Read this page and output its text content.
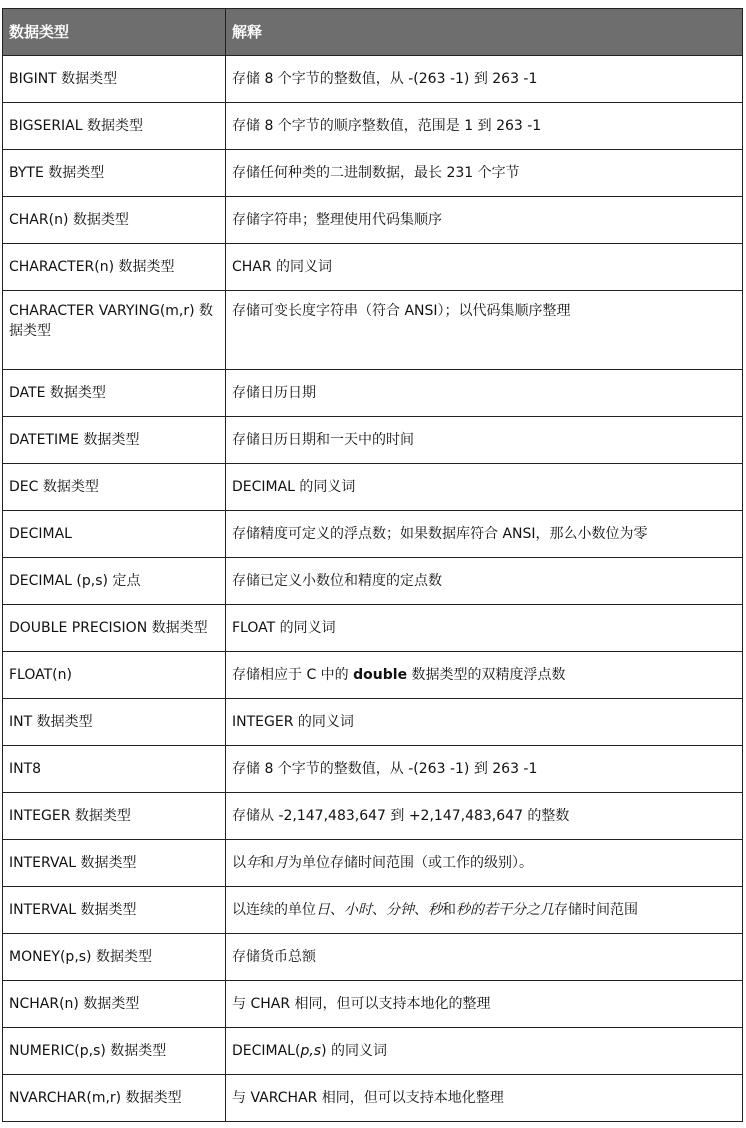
数据类型	解释
BIGINT 数据类型	存储 8 个字节的整数值，从 -(263 -1) 到 263 -1
BIGSERIAL 数据类型	存储 8 个字节的顺序整数值，范围是 1 到 263 -1
BYTE 数据类型	存储任何种类的二进制数据，最长 231 个字节
CHAR(n) 数据类型	存储字符串；整理使用代码集顺序
CHARACTER(n) 数据类型	CHAR 的同义词
CHARACTER VARYING(m,r) 数据类型	存储可变长度字符串（符合 ANSI）；以代码集顺序整理
DATE 数据类型	存储日历日期
DATETIME 数据类型	存储日历日期和一天中的时间
DEC 数据类型	DECIMAL 的同义词
DECIMAL	存储精度可定义的浮点数；如果数据库符合 ANSI，那么小数位为零
DECIMAL (p,s) 定点	存储已定义小数位和精度的定点数
DOUBLE PRECISION 数据类型	FLOAT 的同义词
FLOAT(n)	存储相应于 C 中的 double 数据类型的双精度浮点数
INT 数据类型	INTEGER 的同义词
INT8	存储 8 个字节的整数值，从 -(263 -1) 到 263 -1
INTEGER 数据类型	存储从 -2,147,483,647 到 +2,147,483,647 的整数
INTERVAL 数据类型	以年和月为单位存储时间范围（或工作的级别）。
INTERVAL 数据类型	以连续的单位日、小时、分钟、秒和秒的若干分之几存储时间范围
MONEY(p,s) 数据类型	存储货币总额
NCHAR(n) 数据类型	与 CHAR 相同，但可以支持本地化的整理
NUMERIC(p,s) 数据类型	DECIMAL(p,s) 的同义词
NVARCHAR(m,r) 数据类型	与 VARCHAR 相同，但可以支持本地化整理
